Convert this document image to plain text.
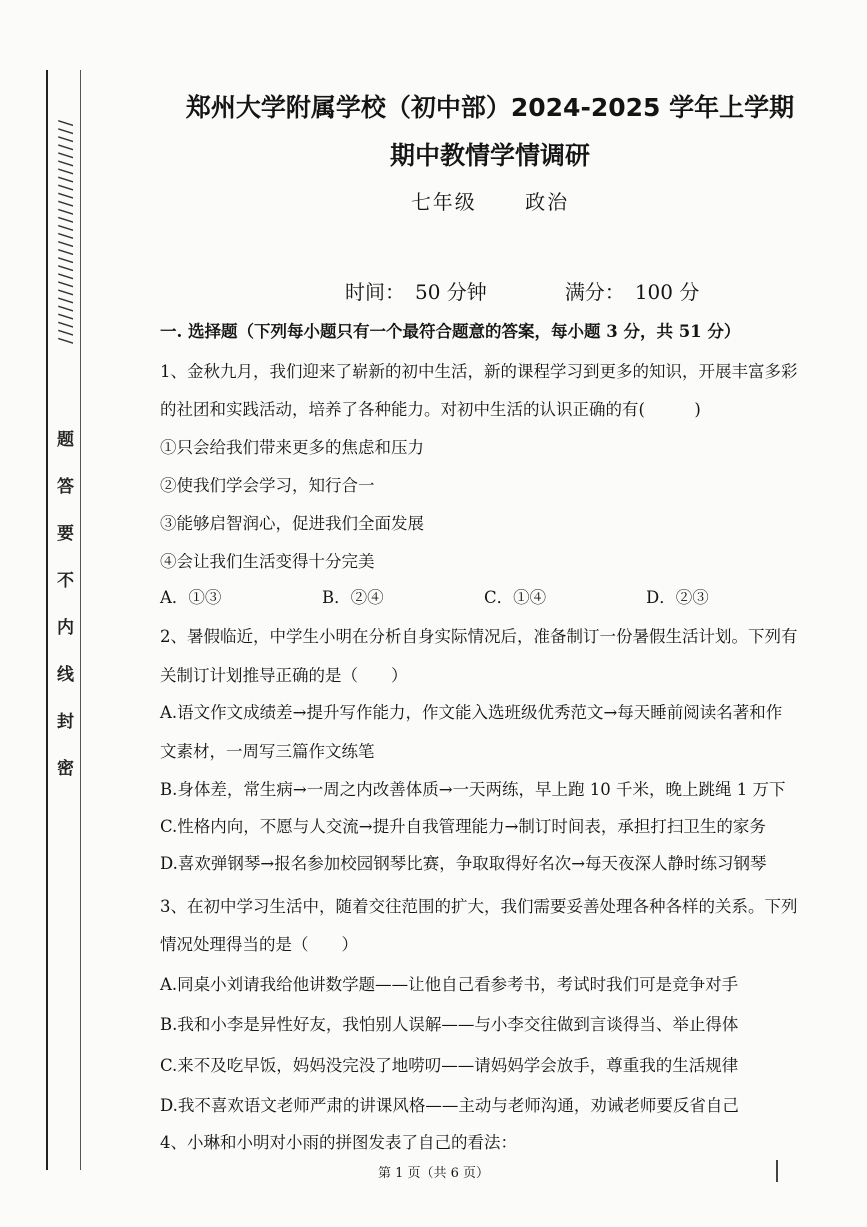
////////////////////////////
题答要不内线封密
郑州大学附属学校（初中部）2024-2025 学年上学期
期中教情学情调研
七年级 政治
时间： 50 分钟	满分： 100 分
一. 选择题（下列每小题只有一个最符合题意的答案，每小题 3 分，共 51 分）
1、金秋九月，我们迎来了崭新的初中生活，新的课程学习到更多的知识，开展丰富多彩
的社团和实践活动，培养了各种能力。对初中生活的认识正确的有(　　　)
①只会给我们带来更多的焦虑和压力
②使我们学会学习，知行合一
③能够启智润心，促进我们全面发展
④会让我们生活变得十分完美
A．①③	B．②④	C．①④	D．②③
2、暑假临近，中学生小明在分析自身实际情况后，准备制订一份暑假生活计划。下列有
关制订计划推导正确的是（　　）
A.语文作文成绩差→提升写作能力，作文能入选班级优秀范文→每天睡前阅读名著和作
文素材，一周写三篇作文练笔
B.身体差，常生病→一周之内改善体质→一天两练，早上跑 10 千米，晚上跳绳 1 万下
C.性格内向，不愿与人交流→提升自我管理能力→制订时间表，承担打扫卫生的家务
D.喜欢弹钢琴→报名参加校园钢琴比赛，争取取得好名次→每天夜深人静时练习钢琴
3、在初中学习生活中，随着交往范围的扩大，我们需要妥善处理各种各样的关系。下列
情况处理得当的是（　　）
A.同桌小刘请我给他讲数学题——让他自己看参考书，考试时我们可是竞争对手
B.我和小李是异性好友，我怕别人误解——与小李交往做到言谈得当、举止得体
C.来不及吃早饭，妈妈没完没了地唠叨——请妈妈学会放手，尊重我的生活规律
D.我不喜欢语文老师严肃的讲课风格——主动与老师沟通，劝诫老师要反省自己
4、小琳和小明对小雨的拼图发表了自己的看法：
第 1 页（共 6 页）
